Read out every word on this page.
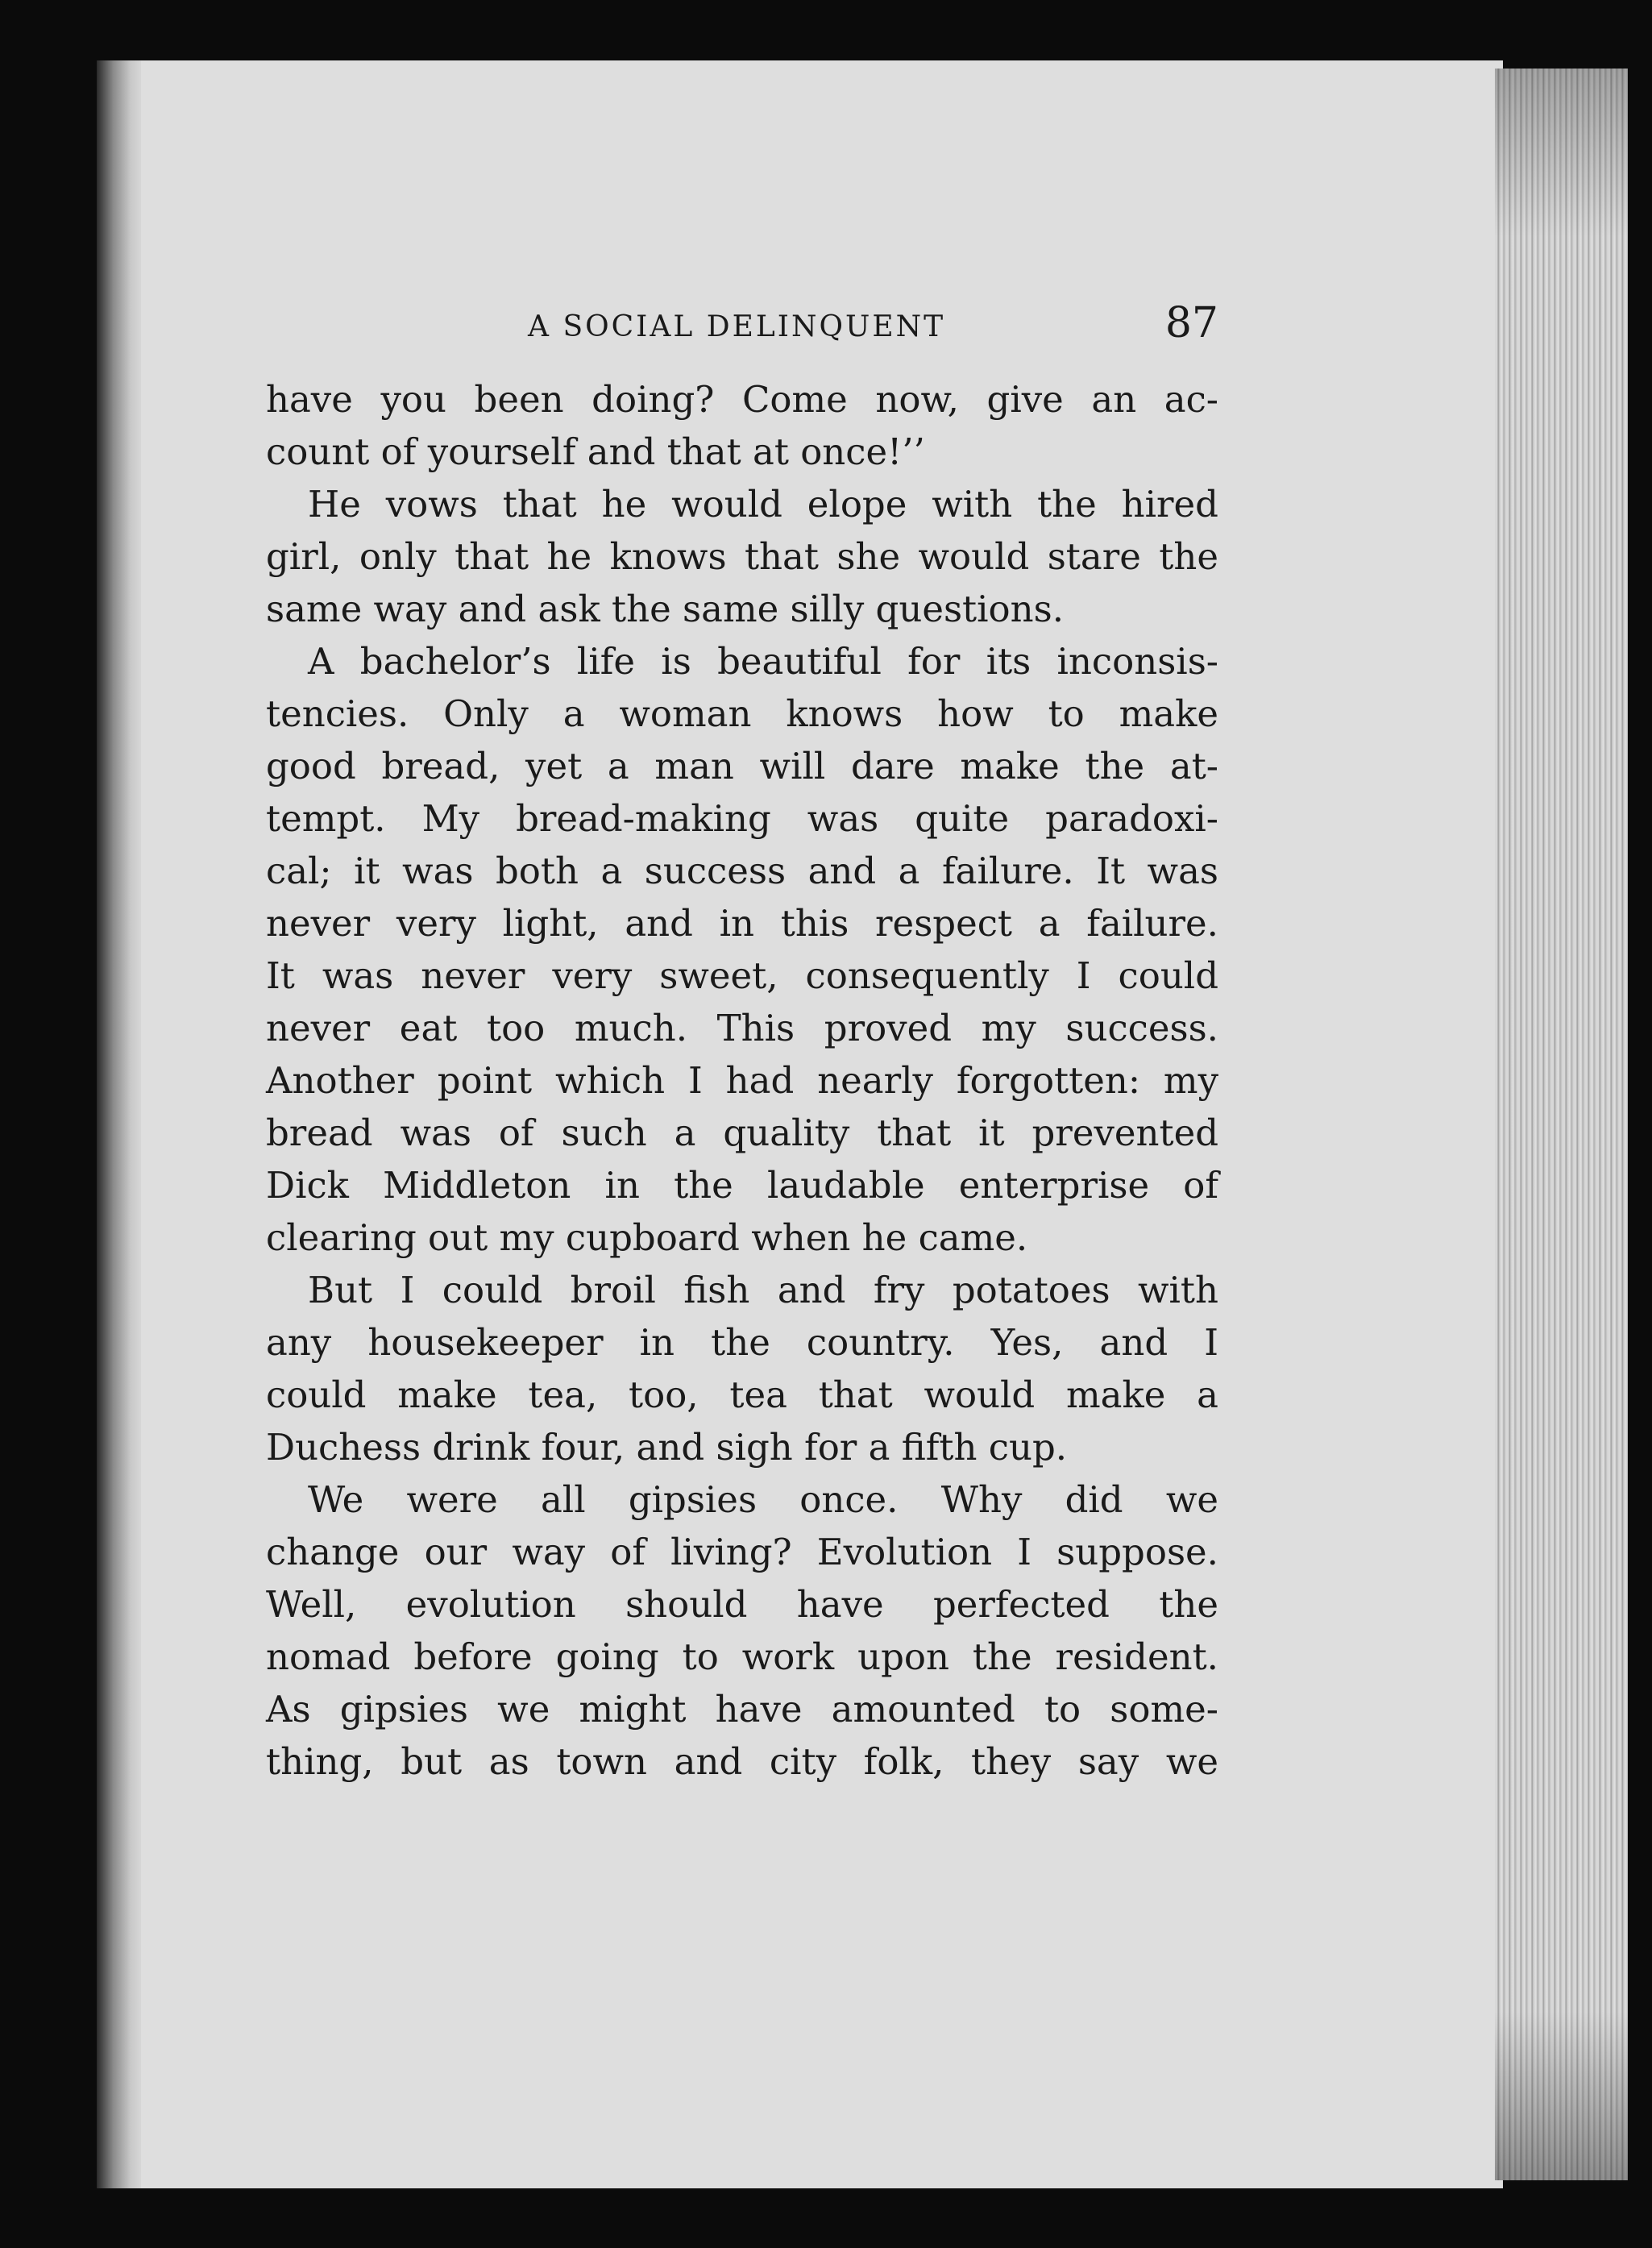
A SOCIAL DELINQUENT	87
have you been doing? Come now, give an ac-
count of yourself and that at once!’’
He vows that he would elope with the hired
girl, only that he knows that she would stare the
same way and ask the same silly questions.
A bachelor’s life is beautiful for its inconsis-
tencies. Only a woman knows how to make
good bread, yet a man will dare make the at-
tempt. My bread-making was quite paradoxi-
cal; it was both a success and a failure. It was
never very light, and in this respect a failure.
It was never very sweet, consequently I could
never eat too much. This proved my success.
Another point which I had nearly forgotten: my
bread was of such a quality that it prevented
Dick Middleton in the laudable enterprise of
clearing out my cupboard when he came.
But I could broil fish and fry potatoes with
any housekeeper in the country. Yes, and I
could make tea, too, tea that would make a
Duchess drink four, and sigh for a fifth cup.
We were all gipsies once. Why did we
change our way of living? Evolution I suppose.
Well, evolution should have perfected the
nomad before going to work upon the resident.
As gipsies we might have amounted to some-
thing, but as town and city folk, they say we
